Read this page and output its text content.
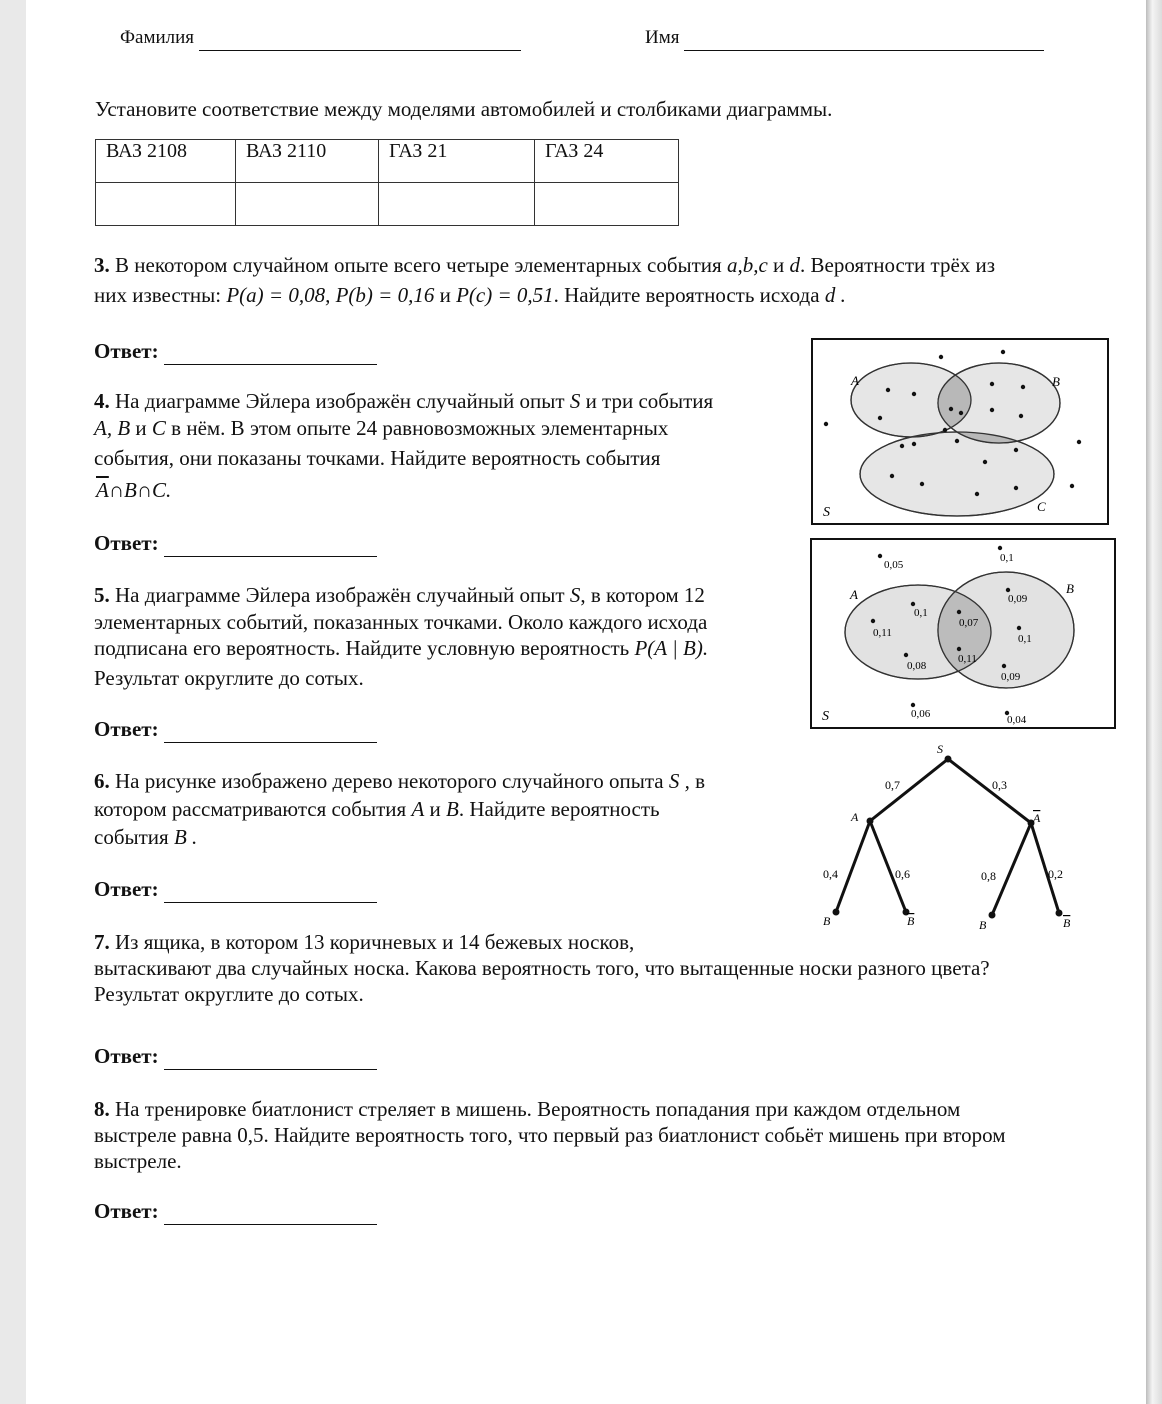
Фамилия	Имя
Установите соответствие между моделями автомобилей и столбиками диаграммы.
ВАЗ 2108	ВАЗ 2110	ГАЗ 21	ГАЗ 24

3. В некотором случайном опыте всего четыре элементарных события a,b,c и d. Вероятности трёх из
них известны: P(a) = 0,08, P(b) = 0,16 и P(c) = 0,51. Найдите вероятность исхода d .
Ответ:
4. На диаграмме Эйлера изображён случайный опыт S и три события
A, B и C в нём. В этом опыте 24 равновозможных элементарных
события, они показаны точками. Найдите вероятность события
$\overline{A}\cap B\cap C$.
Ответ:
5. На диаграмме Эйлера изображён случайный опыт S, в котором 12
элементарных событий, показанных точками. Около каждого исхода
подписана его вероятность. Найдите условную вероятность P(A | B).
Результат округлите до сотых.
Ответ:
6. На рисунке изображено дерево некоторого случайного опыта S , в
котором рассматриваются события A и B. Найдите вероятность
события B .
Ответ:
7. Из ящика, в котором 13 коричневых и 14 бежевых носков,
вытаскивают два случайных носка. Какова вероятность того, что вытащенные носки разного цвета?
Результат округлите до сотых.
Ответ:
8. На тренировке биатлонист стреляет в мишень. Вероятность попадания при каждом отдельном
выстреле равна 0,5. Найдите вероятность того, что первый раз биатлонист собьёт мишень при втором
выстреле.
Ответ:
A	B
C
S
0,05
0,1
0,1
0,09
0,11
0,07
0,1
0,08
0,11
0,09
0,06	0,04
A	B
S
S
A	A
0,7	0,3
0,4	0,6	0,8	0,2
B	B	B	B
